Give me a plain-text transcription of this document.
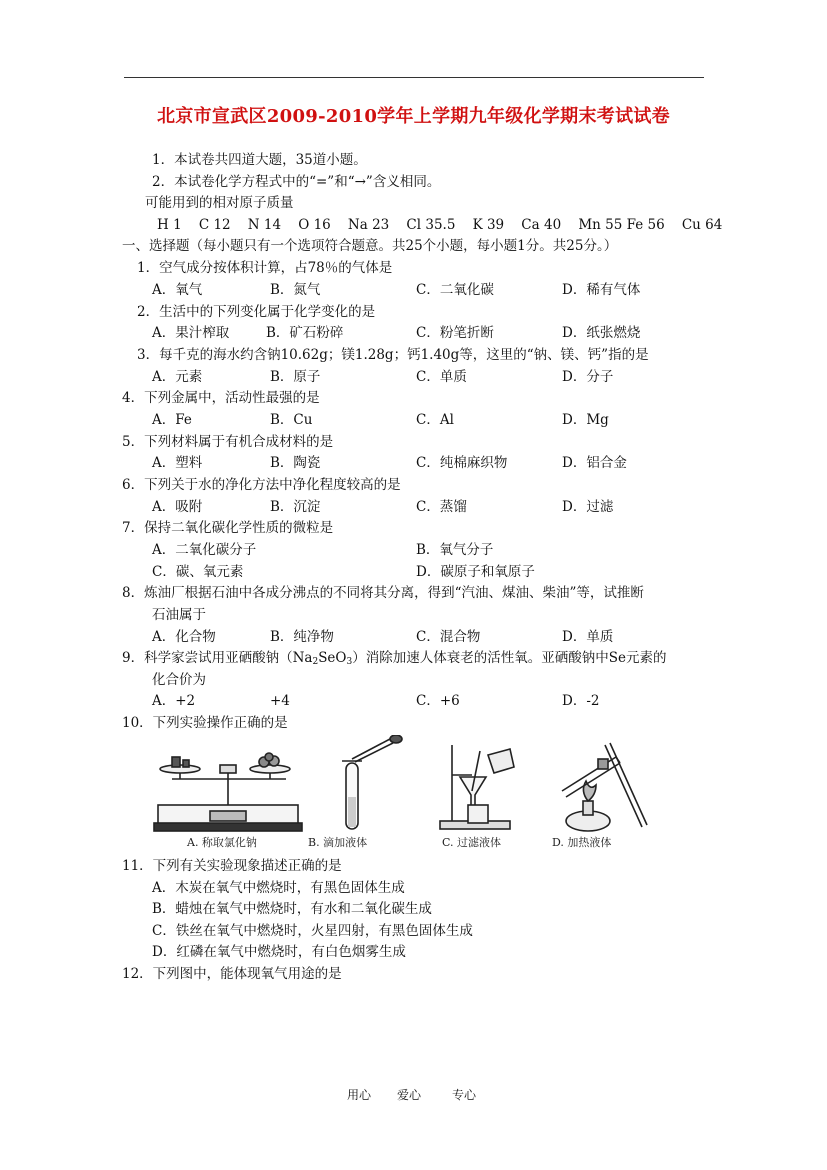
北京市宣武区2009-2010学年上学期九年级化学期末考试试卷
1．本试卷共四道大题，35道小题。
2．本试卷化学方程式中的“=”和“→”含义相同。
可能用到的相对原子质量
H 1    C 12    N 14    O 16    Na 23    Cl 35.5    K 39    Ca 40    Mn 55 Fe 56    Cu 64
一、选择题（每小题只有一个选项符合题意。共25个小题，每小题1分。共25分。）
1．空气成分按体积计算，占78％的气体是
A．氧气	B．氮气	C．二氧化碳	D．稀有气体
2．生活中的下列变化属于化学变化的是
A．果汁榨取	B．矿石粉碎	C．粉笔折断	D．纸张燃烧
3．每千克的海水约含钠10.62g；镁1.28g；钙1.40g等，这里的“钠、镁、钙”指的是
A．元素	B．原子	C．单质	D．分子
4．下列金属中，活动性最强的是
A．Fe	B．Cu	C．Al	D．Mg
5．下列材料属于有机合成材料的是
A．塑料	B．陶瓷	C．纯棉麻织物	D．铝合金
6．下列关于水的净化方法中净化程度较高的是
A．吸附	B．沉淀	C．蒸馏	D．过滤
7．保持二氧化碳化学性质的微粒是
A．二氧化碳分子	B．氧气分子
C．碳、氧元素	D．碳原子和氧原子
8．炼油厂根据石油中各成分沸点的不同将其分离，得到“汽油、煤油、柴油”等，试推断
石油属于
A．化合物	B．纯净物	C．混合物	D．单质
9．科学家尝试用亚硒酸钠$(Na_2SeO_3)$消除加速人体衰老的活性氧。亚硒酸钠中Se元素的
化合价为
A．+2	+4	C．+6	D．-2
10．下列实验操作正确的是
A. 称取氯化钠	B. 滴加液体	C. 过滤液体	D. 加热液体
11．下列有关实验现象描述正确的是
A．木炭在氧气中燃烧时，有黑色固体生成
B．蜡烛在氧气中燃烧时，有水和二氧化碳生成
C．铁丝在氧气中燃烧时，火星四射，有黑色固体生成
D．红磷在氧气中燃烧时，有白色烟雾生成
12．下列图中，能体现氧气用途的是
用心 爱心	专心
